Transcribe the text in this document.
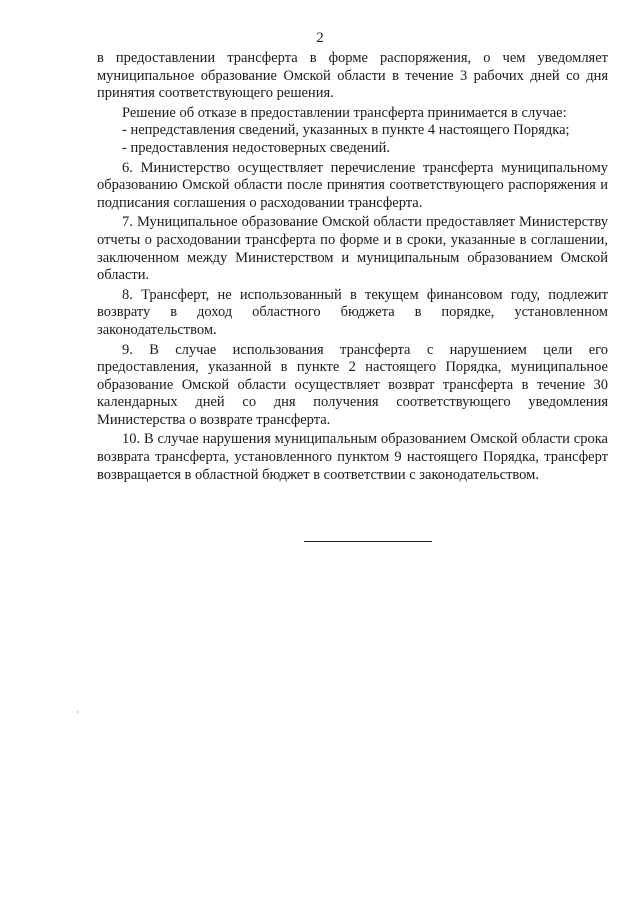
2

в предоставлении трансферта в форме распоряжения, о чем уведомляет муниципальное образование Омской области в течение 3 рабочих дней со дня принятия соответствующего решения.

Решение об отказе в предоставлении трансферта принимается в случае:

- непредставления сведений, указанных в пункте 4 настоящего Порядка;

- предоставления недостоверных сведений.

6. Министерство осуществляет перечисление трансферта муниципальному образованию Омской области после принятия соответствующего распоряжения и подписания соглашения о расходовании трансферта.

7. Муниципальное образование Омской области предоставляет Министерству отчеты о расходовании трансферта по форме и в сроки, указанные в соглашении, заключенном между Министерством и муниципальным образованием Омской области.

8. Трансферт, не использованный в текущем финансовом году, подлежит возврату в доход областного бюджета в порядке, установленном законодательством.

9. В случае использования трансферта с нарушением цели его предоставления, указанной в пункте 2 настоящего Порядка, муниципальное образование Омской области осуществляет возврат трансферта в течение 30 календарных дней со дня получения соответствующего уведомления Министерства о возврате трансферта.

10. В случае нарушения муниципальным образованием Омской области срока возврата трансферта, установленного пунктом 9 настоящего Порядка, трансферт возвращается в областной бюджет в соответствии с законодательством.
